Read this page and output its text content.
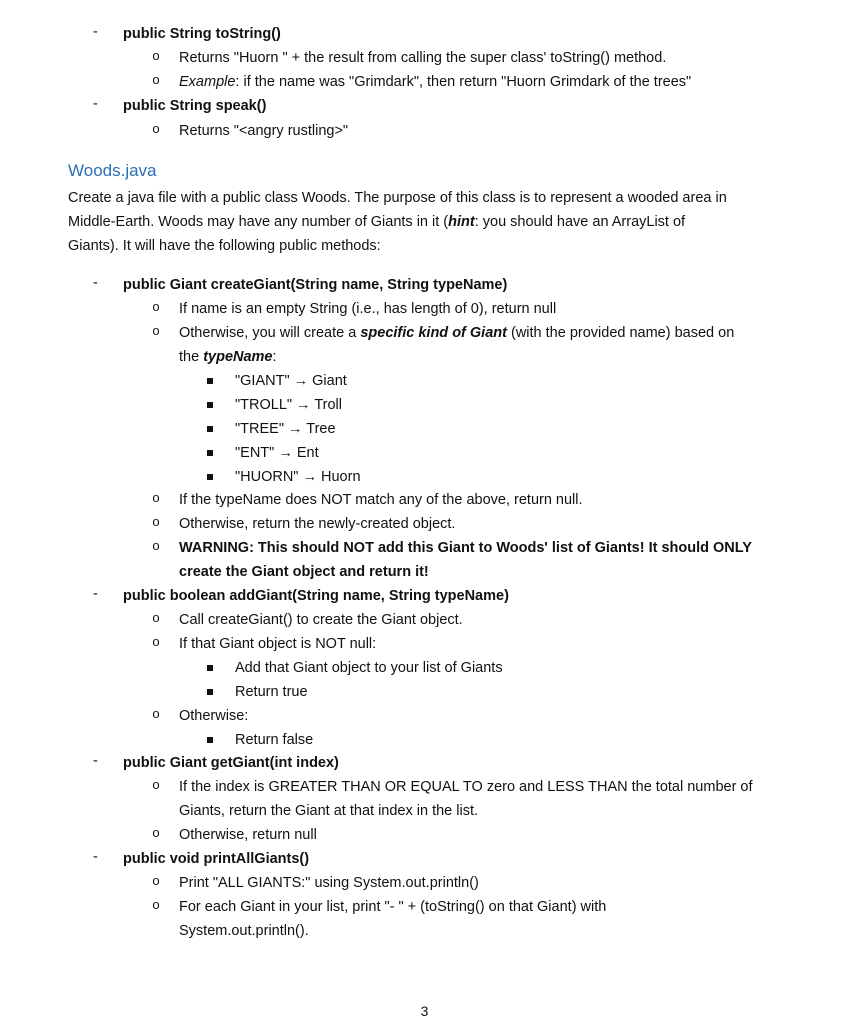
-	public String toString()
o Returns "Huorn " + the result from calling the super class' toString() method.
o Example: if the name was "Grimdark", then return "Huorn Grimdark of the trees"
-	public String speak()
o Returns "<angry rustling>"
Woods.java
Create a java file with a public class Woods. The purpose of this class is to represent a wooded area in
Middle-Earth. Woods may have any number of Giants in it (hint: you should have an ArrayList of
Giants). It will have the following public methods:
-	public Giant createGiant(String name, String typeName)
o If name is an empty String (i.e., has length of 0), return null
o Otherwise, you will create a specific kind of Giant (with the provided name) based on
the typeName:
"GIANT" → Giant
"TROLL" → Troll
"TREE" → Tree
"ENT" → Ent
"HUORN" → Huorn
o If the typeName does NOT match any of the above, return null.
o Otherwise, return the newly-created object.
o WARNING: This should NOT add this Giant to Woods' list of Giants! It should ONLY
create the Giant object and return it!
-	public boolean addGiant(String name, String typeName)
o Call createGiant() to create the Giant object.
o If that Giant object is NOT null:
Add that Giant object to your list of Giants
Return true
o Otherwise:
Return false
-	public Giant getGiant(int index)
o If the index is GREATER THAN OR EQUAL TO zero and LESS THAN the total number of
Giants, return the Giant at that index in the list.
o Otherwise, return null
-	public void printAllGiants()
o Print "ALL GIANTS:" using System.out.println()
o For each Giant in your list, print "- " + (toString() on that Giant) with
System.out.println().
3
